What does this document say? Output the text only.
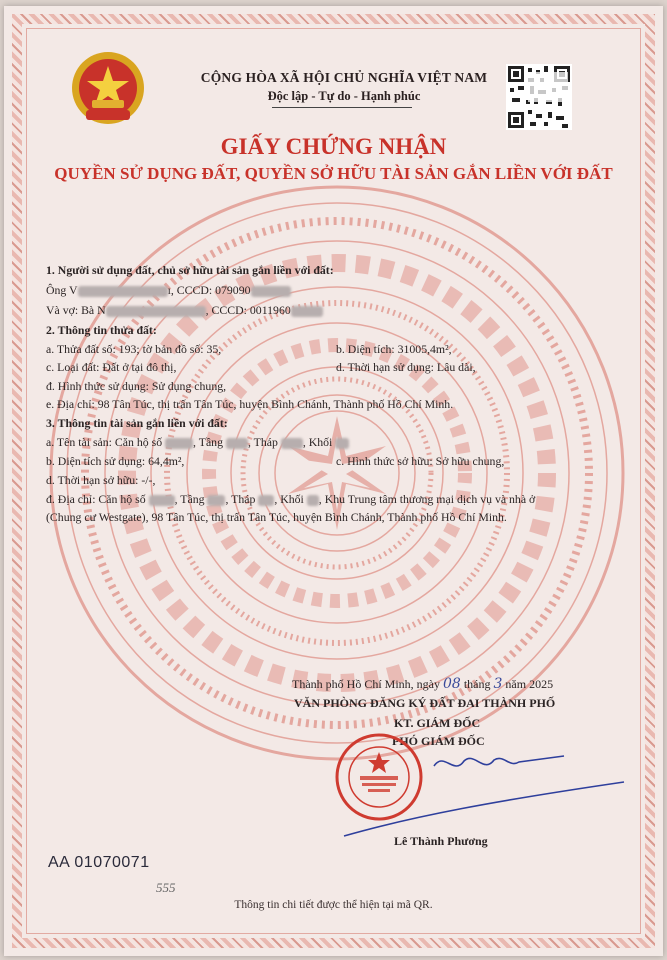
CỘNG HÒA XÃ HỘI CHỦ NGHĨA VIỆT NAM
Độc lập - Tự do - Hạnh phúc
GIẤY CHỨNG NHẬN
QUYỀN SỬ DỤNG ĐẤT, QUYỀN SỞ HỮU TÀI SẢN GẮN LIỀN VỚI ĐẤT
1. Người sử dụng đất, chủ sở hữu tài sản gắn liền với đất:
Ông V	ı, CCCD: 079090
Và vợ: Bà N	, CCCD: 0011960
2. Thông tin thửa đất:
a. Thửa đất số: 193; tờ bản đồ số: 35,	b. Diện tích: 31005,4m²,
c. Loại đất: Đất ở tại đô thị,	d. Thời hạn sử dụng: Lâu dài,
đ. Hình thức sử dụng: Sử dụng chung,
e. Địa chỉ: 98 Tân Túc, thị trấn Tân Túc, huyện Bình Chánh, Thành phố Hồ Chí Minh.
3. Thông tin tài sản gắn liền với đất:
a. Tên tài sản: Căn hộ số	, Tầng , Tháp , Khối
b. Diện tích sử dụng: 64,4m²,	c. Hình thức sở hữu: Sở hữu chung,
d. Thời hạn sở hữu: -/-,
đ. Địa chỉ: Căn hộ số , Tầng , Tháp , Khối , Khu Trung tâm thương mại dịch vụ và nhà ở
(Chung cư Westgate), 98 Tân Túc, thị trấn Tân Túc, huyện Bình Chánh, Thành phố Hồ Chí Minh.
Thành phố Hồ Chí Minh, ngày 08 tháng 3 năm 2025
VĂN PHÒNG ĐĂNG KÝ ĐẤT ĐAI THÀNH PHỐ
KT. GIÁM ĐỐC
PHÓ GIÁM ĐỐC
Lê Thành Phương
AA 01070071
555
Thông tin chi tiết được thể hiện tại mã QR.
